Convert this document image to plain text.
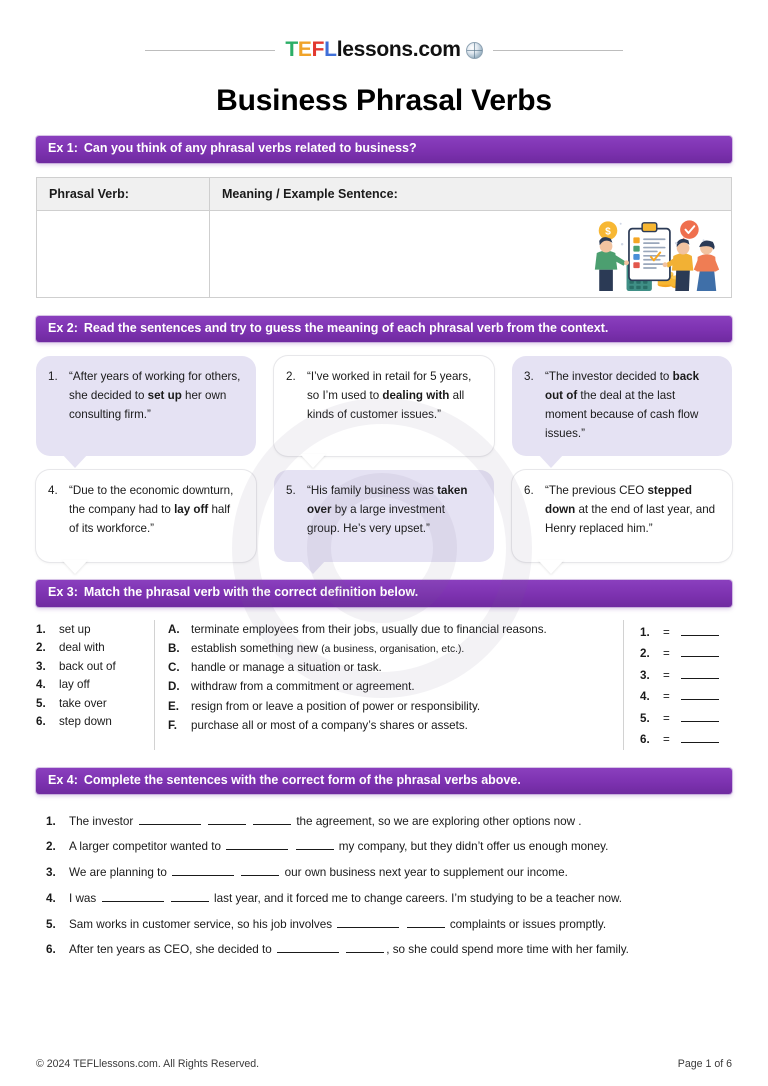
T E F L lessons.com
Business Phrasal Verbs
Ex 1: Can you think of any phrasal verbs related to business?
Phrasal Verb:	Meaning / Example Sentence:

$
Ex 2: Read the sentences and try to guess the meaning of each phrasal verb from the context.
1. “After years of working for others, she decided to set up her own consulting firm.”
2. “I’ve worked in retail for 5 years, so I’m used to dealing with all kinds of customer issues.”
3. “The investor decided to back out of the deal at the last moment because of cash flow issues.”
4. “Due to the economic downturn, the company had to lay off half of its workforce.”
5. “His family business was taken over by a large investment group. He’s very upset.”
6. “The previous CEO stepped down at the end of last year, and Henry replaced him.”
Ex 3: Match the phrasal verb with the correct definition below.
1.	set up
2.	deal with
3.	back out of
4.	lay off
5.	take over
6.	step down
A. terminate employees from their jobs, usually due to financial reasons.
B. establish something new (a business, organisation, etc.).
C. handle or manage a situation or task.
D. withdraw from a commitment or agreement.
E.	resign from or leave a position of power or responsibility.
F.	purchase all or most of a company’s shares or assets.
1.	=
2.	=
3.	=
4.	=
5.	=
6.	=
Ex 4: Complete the sentences with the correct form of the phrasal verbs above.
1.	The investor	the agreement, so we are exploring other options now .
2.	A larger competitor wanted to	my company, but they didn’t offer us enough money.
3.	We are planning to	our own business next year to supplement our income.
4.	I was	last year, and it forced me to change careers. I’m studying to be a teacher now.
5.	Sam works in customer service, so his job involves	complaints or issues promptly.
6.	After ten years as CEO, she decided to	, so she could spend more time with her family.
© 2024 TEFLlessons.com. All Rights Reserved.	Page 1 of 6
